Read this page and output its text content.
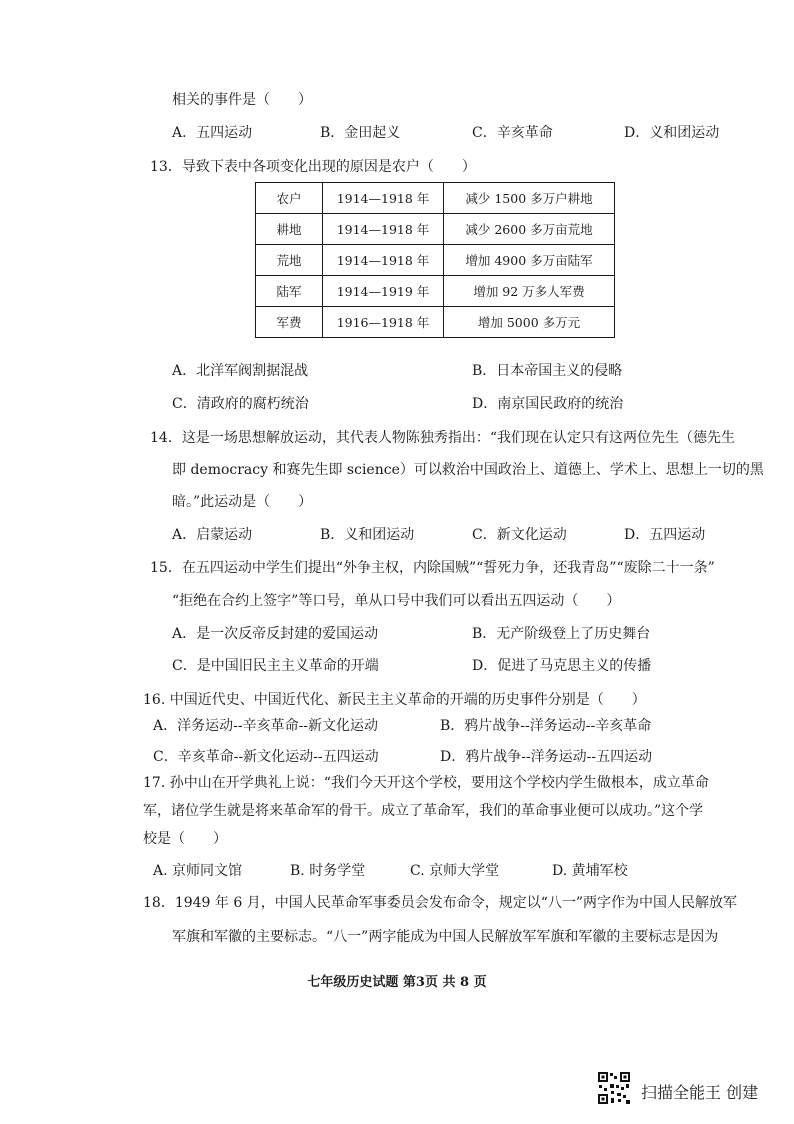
相关的事件是（　　）
A．五四运动	B．金田起义	C．辛亥革命	D．义和团运动
13．导致下表中各项变化出现的原因是农户（　　）
农户	1914—1918 年	减少 1500 多万户耕地
耕地	1914—1918 年	减少 2600 多万亩荒地
荒地	1914—1918 年	增加 4900 多万亩陆军
陆军	1914—1919 年	增加 92 万多人军费
军费	1916—1918 年	增加 5000 多万元
A．北洋军阀割据混战	B．日本帝国主义的侵略
C．清政府的腐朽统治	D．南京国民政府的统治
14．这是一场思想解放运动，其代表人物陈独秀指出：“我们现在认定只有这两位先生（德先生
即 democracy 和赛先生即 science）可以救治中国政治上、道德上、学术上、思想上一切的黑
暗。”此运动是（　　）
A．启蒙运动	B．义和团运动	C．新文化运动	D．五四运动
15．在五四运动中学生们提出“外争主权，内除国贼”“誓死力争，还我青岛”“废除二十一条”
“拒绝在合约上签字”等口号，单从口号中我们可以看出五四运动（　　）
A．是一次反帝反封建的爱国运动	B．无产阶级登上了历史舞台
C．是中国旧民主主义革命的开端	D．促进了马克思主义的传播
16. 中国近代史、中国近代化、新民主主义革命的开端的历史事件分别是（　　）
A．洋务运动--辛亥革命--新文化运动	B．鸦片战争--洋务运动--辛亥革命
C．辛亥革命--新文化运动--五四运动	D．鸦片战争--洋务运动--五四运动
17. 孙中山在开学典礼上说：“我们今天开这个学校，要用这个学校内学生做根本，成立革命
军，诸位学生就是将来革命军的骨干。成立了革命军，我们的革命事业便可以成功。”这个学
校是（　　）
A. 京师同文馆	B. 时务学堂	C. 京师大学堂	D. 黄埔军校
18．1949 年 6 月，中国人民革命军事委员会发布命令，规定以“八一”两字作为中国人民解放军
军旗和军徽的主要标志。“八一”两字能成为中国人民解放军军旗和军徽的主要标志是因为
七年级历史试题 第3页 共 8 页
扫描全能王 创建
